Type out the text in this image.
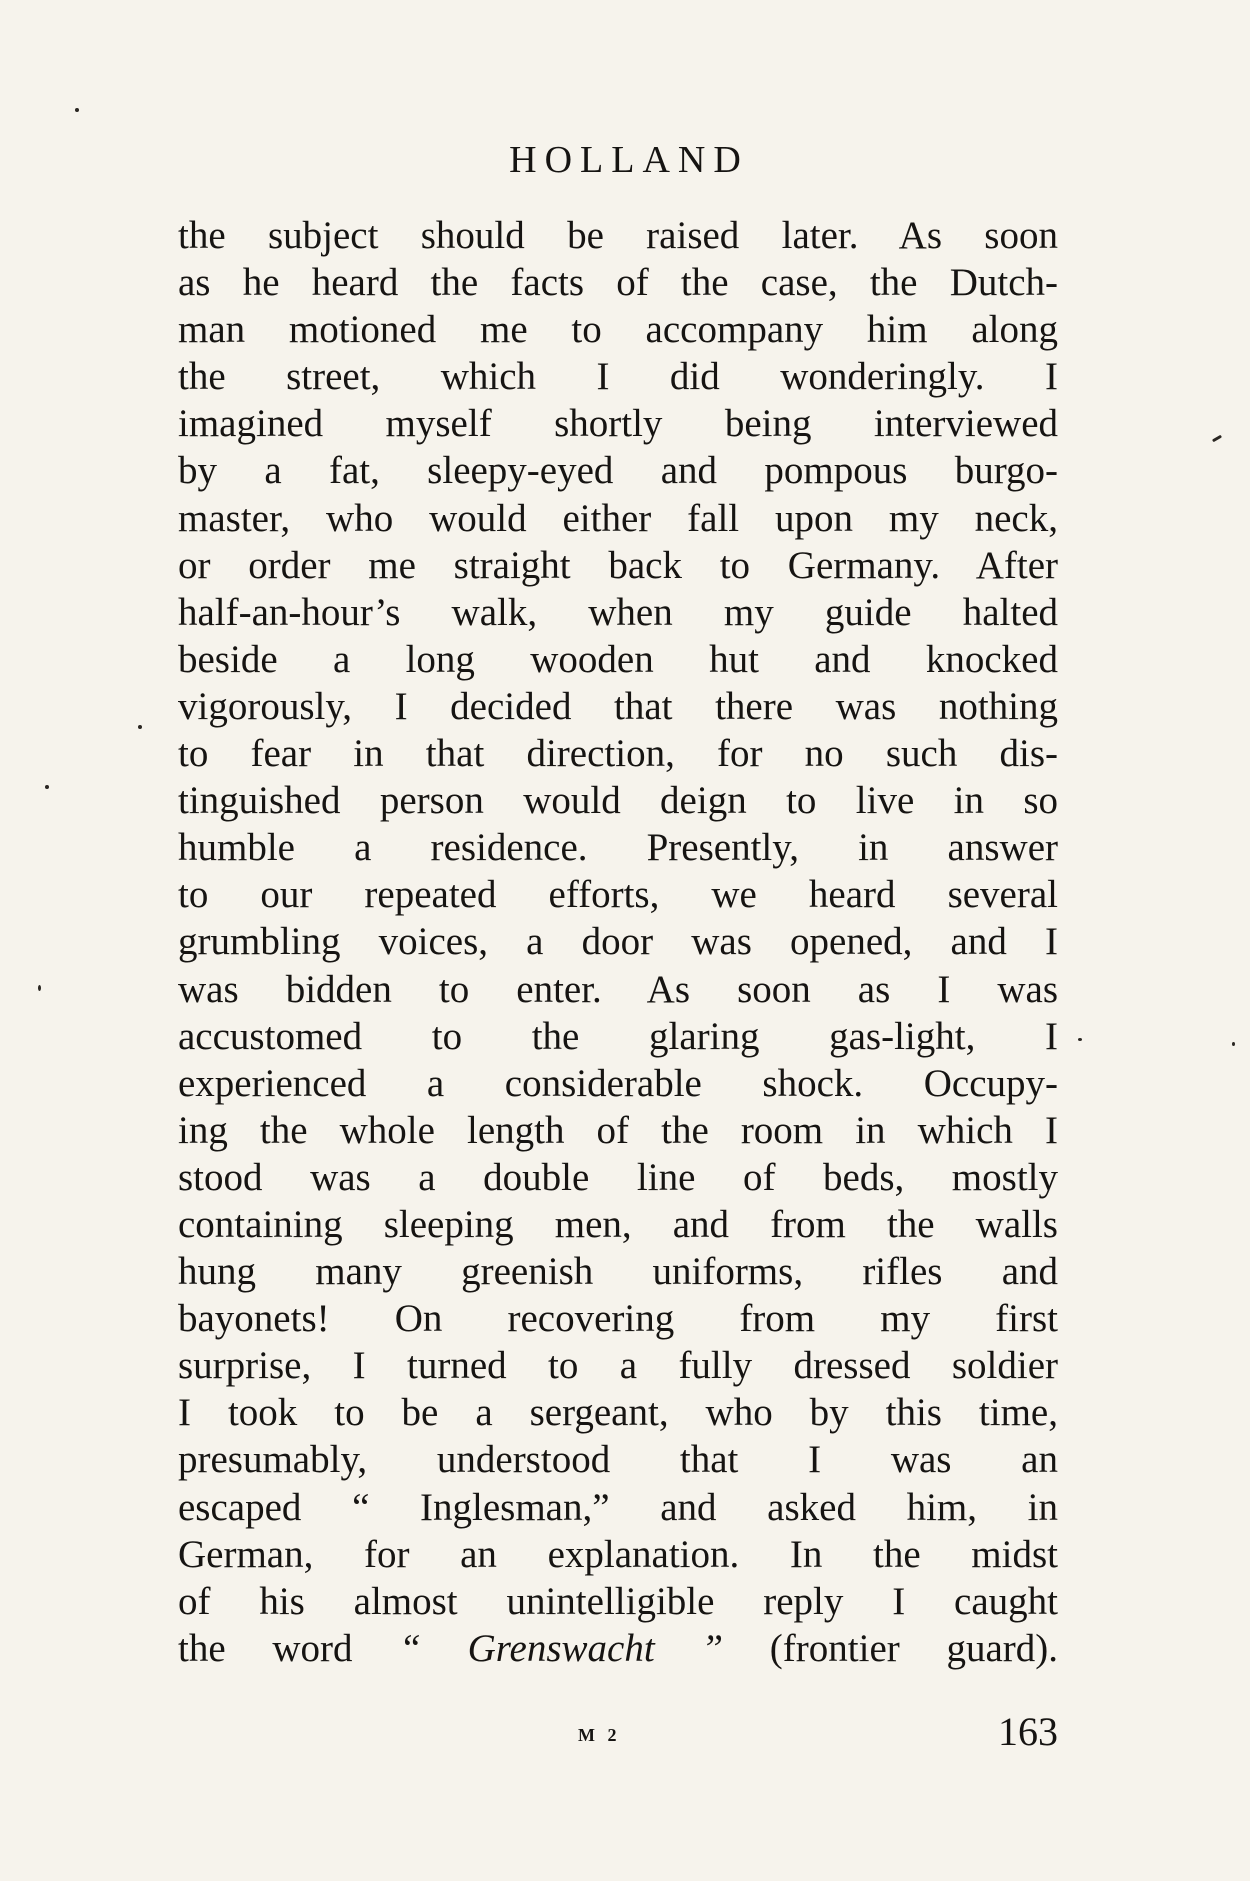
HOLLAND
the subject should be raised later. As soon
as he heard the facts of the case, the Dutch-
man motioned me to accompany him along
the street, which I did wonderingly. I
imagined myself shortly being interviewed
by a fat, sleepy-eyed and pompous burgo-
master, who would either fall upon my neck,
or order me straight back to Germany. After
half-an-hour’s walk, when my guide halted
beside a long wooden hut and knocked
vigorously, I decided that there was nothing
to fear in that direction, for no such dis-
tinguished person would deign to live in so
humble a residence. Presently, in answer
to our repeated efforts, we heard several
grumbling voices, a door was opened, and I
was bidden to enter. As soon as I was
accustomed to the glaring gas-light, I
experienced a considerable shock. Occupy-
ing the whole length of the room in which I
stood was a double line of beds, mostly
containing sleeping men, and from the walls
hung many greenish uniforms, rifles and
bayonets! On recovering from my first
surprise, I turned to a fully dressed soldier
I took to be a sergeant, who by this time,
presumably, understood that I was an
escaped “ Inglesman,” and asked him, in
German, for an explanation. In the midst
of his almost unintelligible reply I caught
the word “ Grenswacht ” (frontier guard).
M 2	163
